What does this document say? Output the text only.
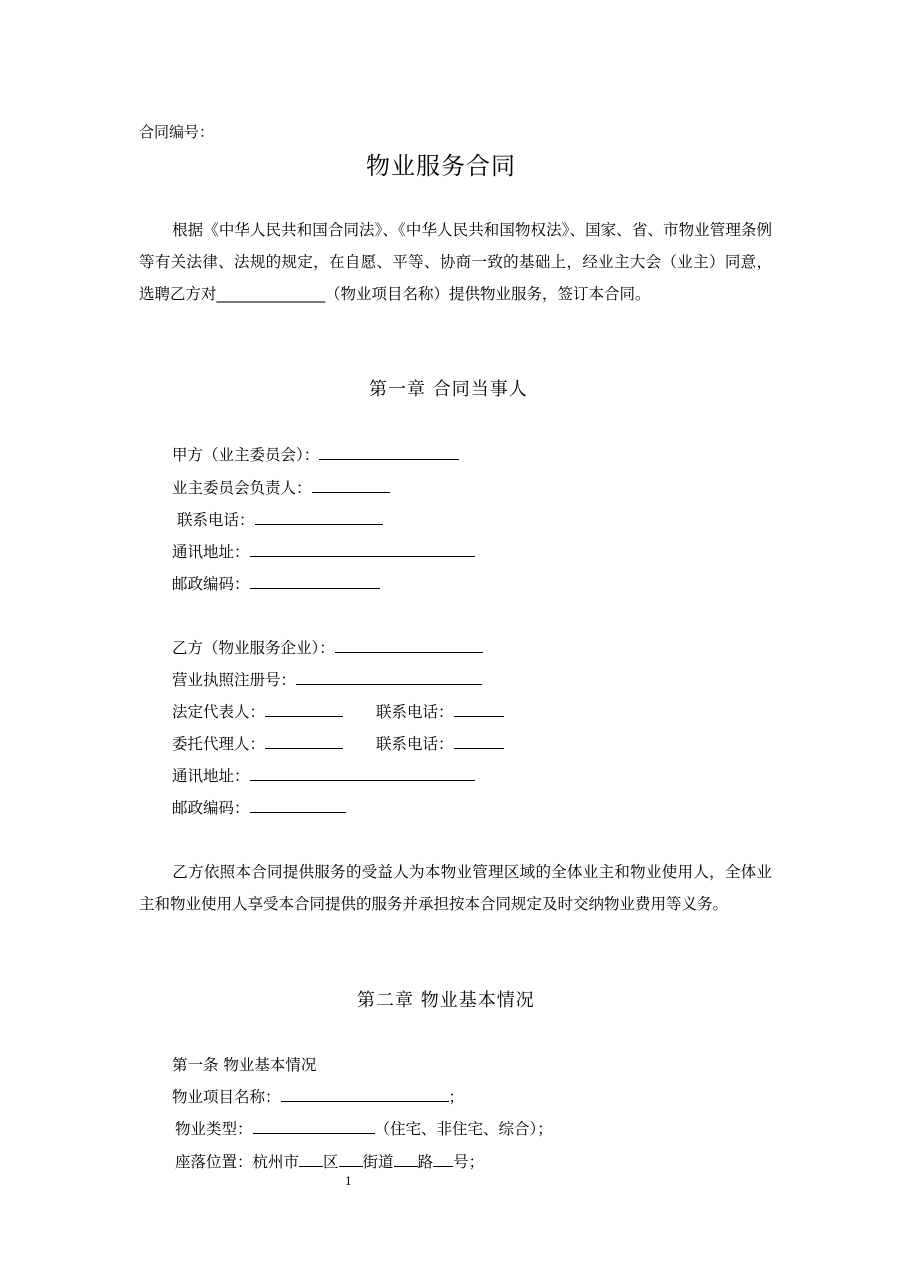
合同编号：
物业服务合同
根据《中华人民共和国合同法》、《中华人民共和国物权法》、国家、省、市物业管理条例等有关法律、法规的规定，在自愿、平等、协商一致的基础上，经业主大会（业主）同意，选聘乙方对______________（物业项目名称）提供物业服务，签订本合同。
第一章 合同当事人
甲方（业主委员会）：
业主委员会负责人：
联系电话：
通讯地址：
邮政编码：
乙方（物业服务企业）：
营业执照注册号：
法定代表人：	联系电话：
委托代理人：	联系电话：
通讯地址：
邮政编码：
乙方依照本合同提供服务的受益人为本物业管理区域的全体业主和物业使用人，全体业主和物业使用人享受本合同提供的服务并承担按本合同规定及时交纳物业费用等义务。
第二章 物业基本情况
第一条 物业基本情况
物业项目名称：	；
物业类型：	（住宅、非住宅、综合）；
座落位置：杭州市 区 街道 路 号；
1
